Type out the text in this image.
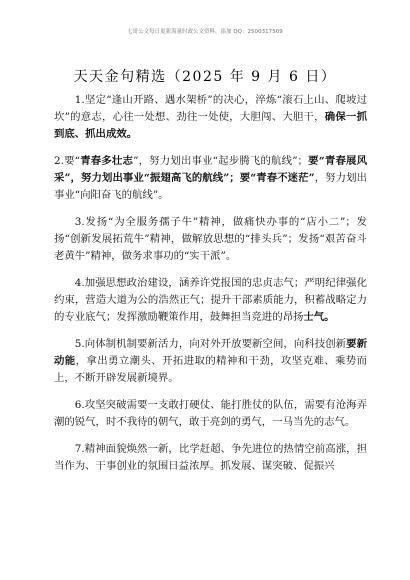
七哥公文每日更新海量时政公文资料，添加 QQ：2500317509
天天金句精选（2025 年 9 月 6 日）

1.坚定“逢山开路、遇水架桥”的决心，淬炼“滚石上山、爬坡过坎”的意志，心往一处想、劲往一处使，大胆闯、大胆干，确保一抓到底、抓出成效。

2.要“青春多壮志”，努力划出事业“起步腾飞的航线”；要“青春展风采”，努力划出事业“振翅高飞的航线”；要“青春不迷茫”，努力划出事业“向阳奋飞的航线”。

3.发扬“为全服务孺子牛”精神，做痛快办事的“店小二”；发扬“创新发展拓荒牛”精神，做解放思想的“排头兵”；发扬“艰苦奋斗老黄牛”精神，做务求事功的“实干派”。

4.加强思想政治建设，涵养许党报国的忠贞志气；严明纪律强化约束，营造大道为公的浩然正气；提升干部素质能力，积蓄战略定力的专业底气；发挥激励鞭策作用，鼓舞担当竞进的昂扬士气。

5.向体制机制要新活力，向对外开放要新空间，向科技创新要新动能，拿出勇立潮头、开拓进取的精神和干劲，攻坚克难、乘势而上，不断开辟发展新境界。

6.攻坚突破需要一支敢打硬仗、能打胜仗的队伍，需要有沧海弄潮的锐气，时不我待的朝气，敢于亮剑的勇气，一马当先的志气。

7.精神面貌焕然一新，比学赶超、争先进位的热情空前高涨，担当作为、干事创业的氛围日益浓厚。抓发展、谋突破、促振兴
